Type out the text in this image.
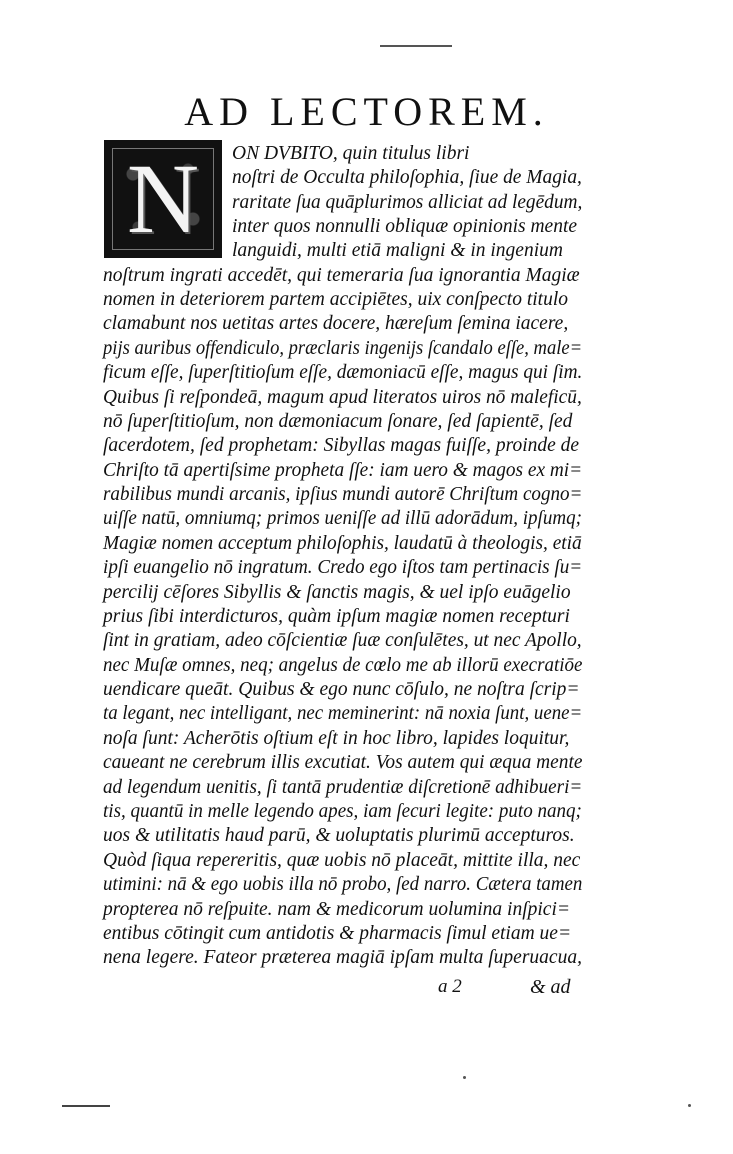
AD LECTOREM.
N ON DVBITO, quin titulus libri
noſtri de Occulta philoſophia, ſiue de Magia,
raritate ſua quāplurimos alliciat ad legēdum,
inter quos nonnulli obliquæ opinionis mente
languidi, multi etiā maligni & in ingenium
noſtrum ingrati accedēt, qui temeraria ſua ignorantia Magiæ
nomen in deteriorem partem accipiētes, uix conſpecto titulo
clamabunt nos uetitas artes docere, hæreſum ſemina iacere,
pijs auribus offendiculo, præclaris ingenijs ſcandalo eſſe, male=
ficum eſſe, ſuperſtitioſum eſſe, dæmoniacū eſſe, magus qui ſim.
Quibus ſi reſpondeā, magum apud literatos uiros nō maleficū,
nō ſuperſtitioſum, non dæmoniacum ſonare, ſed ſapientē, ſed
ſacerdotem, ſed prophetam: Sibyllas magas fuiſſe, proinde de
Chriſto tā apertiſsime propheta ſſe: iam uero & magos ex mi=
rabilibus mundi arcanis, ipſius mundi autorē Chriſtum cogno=
uiſſe natū, omniumq; primos ueniſſe ad illū adorādum, ipſumq;
Magiæ nomen acceptum philoſophis, laudatū à theologis, etiā
ipſi euangelio nō ingratum. Credo ego iſtos tam pertinacis ſu=
percilij cēſores Sibyllis & ſanctis magis, & uel ipſo euāgelio
prius ſibi interdicturos, quàm ipſum magiæ nomen recepturi
ſint in gratiam, adeo cōſcientiæ ſuæ conſulētes, ut nec Apollo,
nec Muſæ omnes, neq; angelus de cœlo me ab illorū execratiōe
uendicare queāt. Quibus & ego nunc cōſulo, ne noſtra ſcrip=
ta legant, nec intelligant, nec meminerint: nā noxia ſunt, uene=
noſa ſunt: Acherōtis oſtium eſt in hoc libro, lapides loquitur,
caueant ne cerebrum illis excutiat. Vos autem qui æqua mente
ad legendum uenitis, ſi tantā prudentiæ diſcretionē adhibueri=
tis, quantū in melle legendo apes, iam ſecuri legite: puto nanq;
uos & utilitatis haud parū, & uoluptatis plurimū accepturos.
Quòd ſiqua repereritis, quæ uobis nō placeāt, mittite illa, nec
utimini: nā & ego uobis illa nō probo, ſed narro. Cætera tamen
propterea nō reſpuite. nam & medicorum uolumina inſpici=
entibus cōtingit cum antidotis & pharmacis ſimul etiam ue=
nena legere. Fateor præterea magiā ipſam multa ſuperuacua,
a 2	& ad
